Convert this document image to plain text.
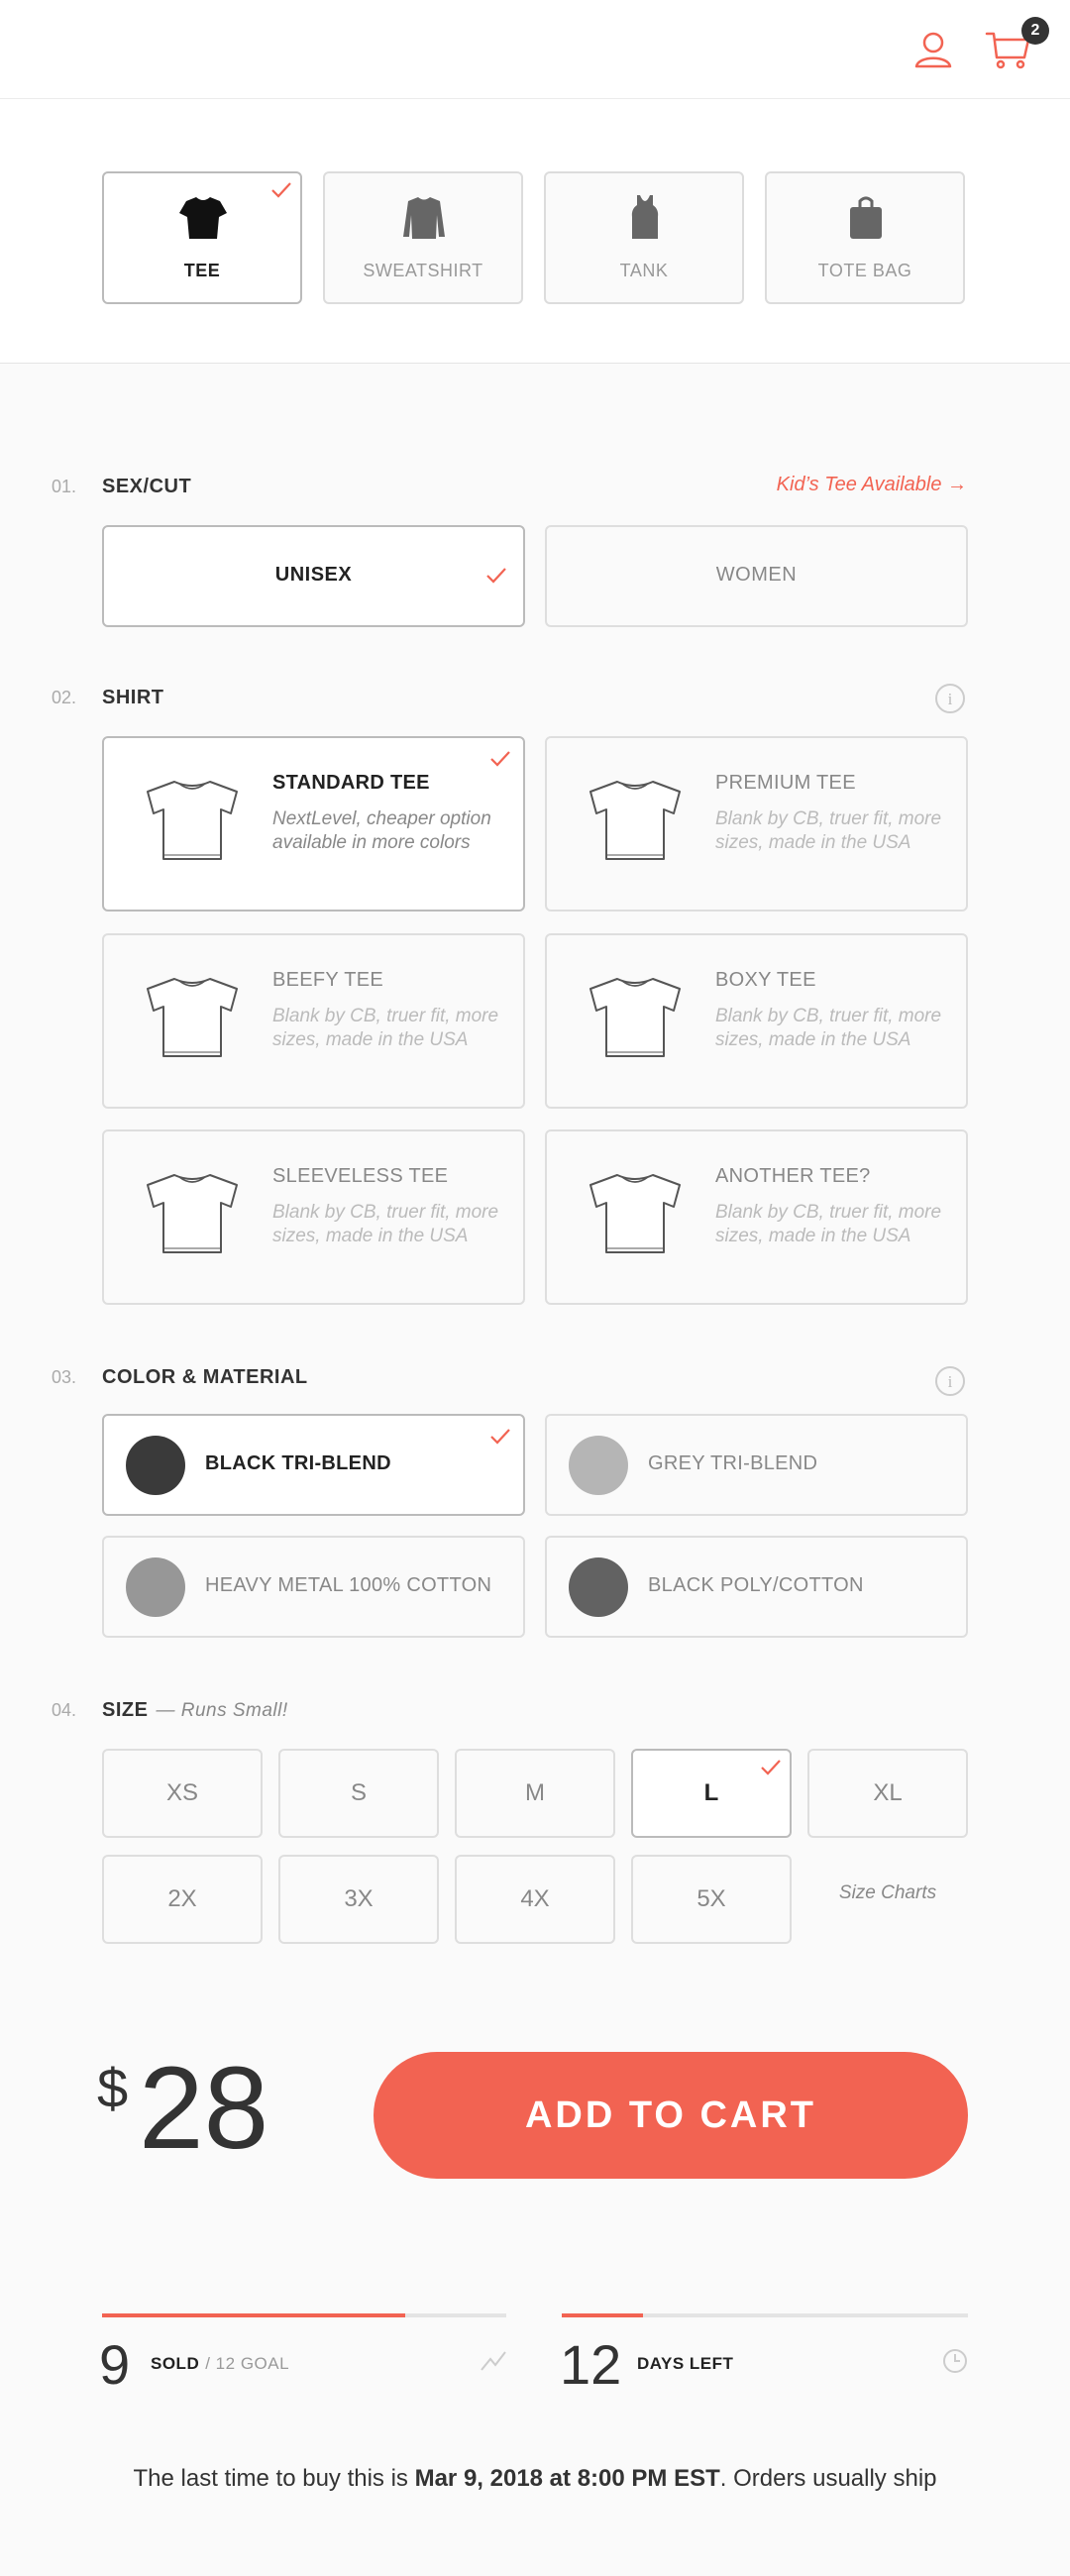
2
TEE	SWEATSHIRT	TANK	TOTE BAG
01. SEX/CUT	Kid’s Tee Available →
UNISEX	WOMEN
02. SHIRT	i
STANDARD TEE
NextLevel, cheaper option available in more colors
PREMIUM TEE
Blank by CB, truer fit, more sizes, made in the USA
BEEFY TEE
Blank by CB, truer fit, more sizes, made in the USA
BOXY TEE
Blank by CB, truer fit, more sizes, made in the USA
SLEEVELESS TEE
Blank by CB, truer fit, more sizes, made in the USA
ANOTHER TEE?
Blank by CB, truer fit, more sizes, made in the USA
03. COLOR & MATERIAL	i
BLACK TRI-BLEND	GREY TRI-BLEND
HEAVY METAL 100% COTTON	BLACK POLY/COTTON
04. SIZE — Runs Small!
XS	S	M	L	XL
2X	3X	4X	5X	Size Charts
$ 28	ADD TO CART
9 SOLD / 12 GOAL	12 DAYS LEFT
The last time to buy this is Mar 9, 2018 at 8:00 PM EST. Orders usually ship
